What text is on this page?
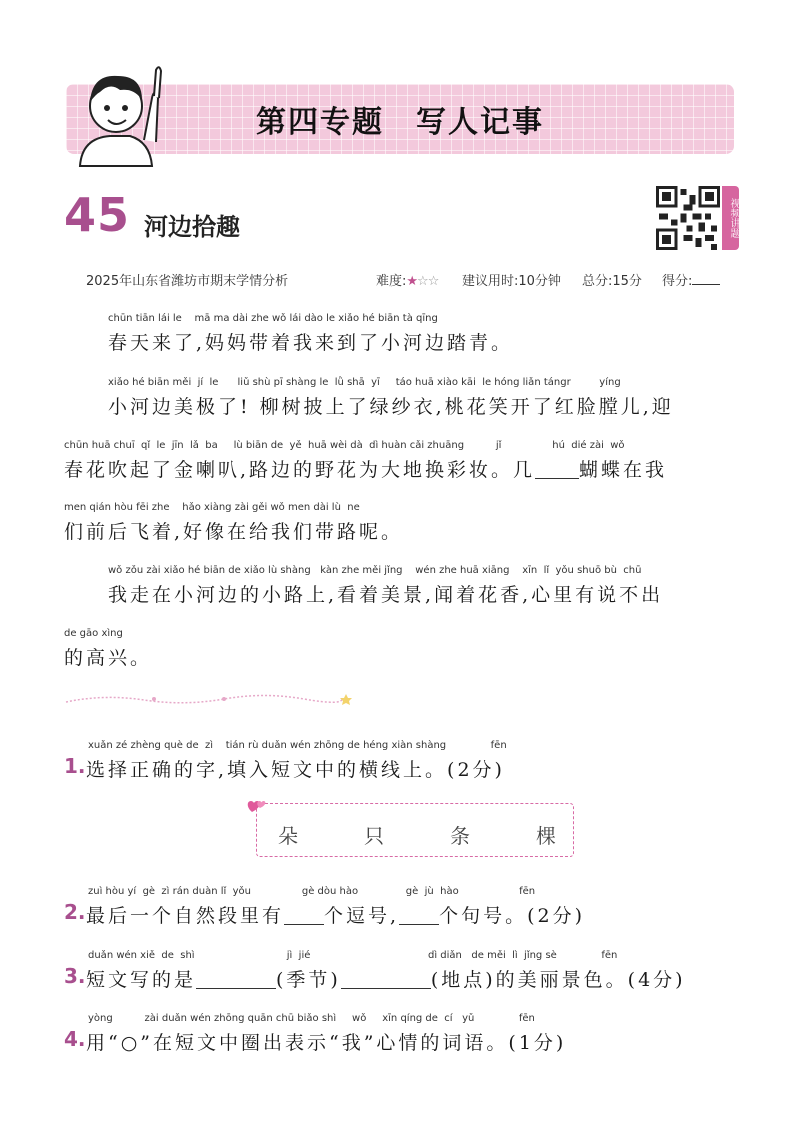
第四专题　写人记事
45 河边拾趣	视频讲题
2025年山东省潍坊市期末学情分析	难度:★☆☆ 建议用时:10分钟 总分:15分 得分:
chūn tiān lái le    mā ma dài zhe wǒ lái dào le xiǎo hé biān tà qīng
春天来了,妈妈带着我来到了小河边踏青。
xiǎo hé biān měi  jí  le      liǔ shù pī shàng le  lǜ shā  yī     táo huā xiào kāi  le hóng liǎn tángr         yíng
小河边美极了! 柳树披上了绿纱衣,桃花笑开了红脸膛儿,迎
chūn huā chuī  qǐ  le  jīn  lǎ  ba     lù biān de  yě  huā wèi dà  dì huàn cǎi zhuāng          jǐ                hú  dié zài  wǒ
春花吹起了金喇叭,路边的野花为大地换彩妆。几 蝴蝶在我
men qián hòu fēi zhe    hǎo xiàng zài gěi wǒ men dài lù  ne
们前后飞着,好像在给我们带路呢。
wǒ zǒu zài xiǎo hé biān de xiǎo lù shàng   kàn zhe měi jǐng    wén zhe huā xiāng    xīn  lǐ  yǒu shuō bù  chū
我走在小河边的小路上,看着美景,闻着花香,心里有说不出
de gāo xìng
的高兴。
xuǎn zé zhèng què de  zì    tián rù duǎn wén zhōng de héng xiàn shàng              fēn
1. 选择正确的字,填入短文中的横线上。(2分)
朵	只	条	棵
zuì hòu yí  gè  zì rán duàn lǐ  yǒu                gè dòu hào               gè  jù  hào                   fēn
2. 最后一个自然段里有 个逗号, 个句号。(2分)
duǎn wén xiě  de  shì                             jì  jié                                     dì diǎn   de měi  lì  jǐng sè              fēn
3. 短文写的是	(季节)	(地点)的美丽景色。(4分)
yòng          zài duǎn wén zhōng quān chū biǎo shì     wǒ     xīn qíng de  cí   yǔ              fēn
4. 用“○”在短文中圈出表示“我”心情的词语。(1分)
